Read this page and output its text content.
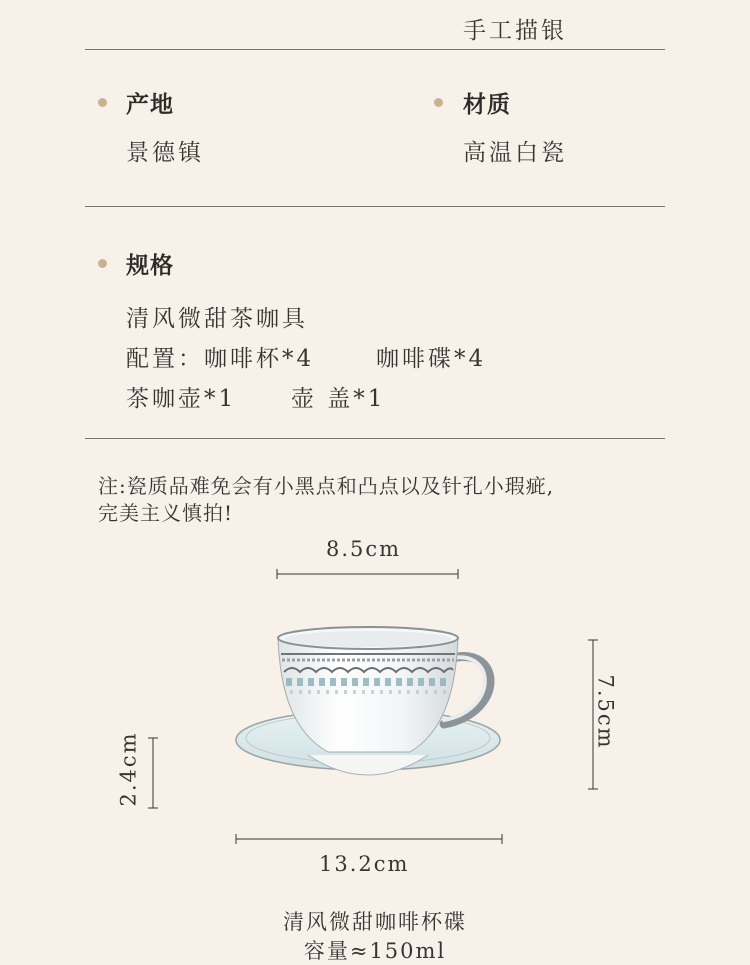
手工描银
产地
景德镇
材质
高温白瓷
规格
清风微甜茶咖具
配置：咖啡杯*4	咖啡碟*4
茶咖壶*1 壶 盖*1
注:瓷质品难免会有小黑点和凸点以及针孔小瑕疵,
完美主义慎拍!
8.5cm
7.5cm
2.4cm
13.2cm
清风微甜咖啡杯碟
容量≈150ml
